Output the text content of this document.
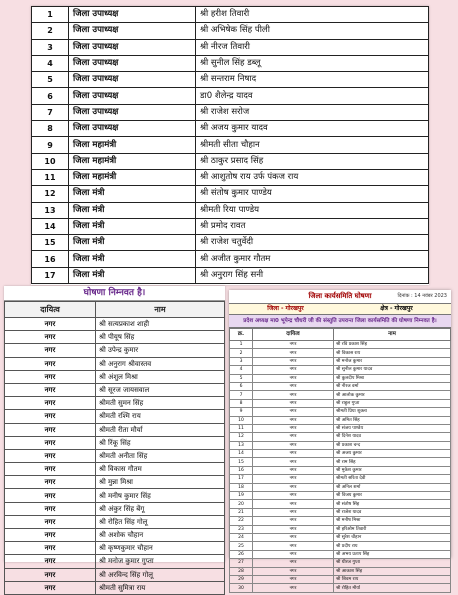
1	जिला उपाध्यक्ष	श्री हरीश तिवारी
2	जिला उपाध्यक्ष	श्री अभिषेक सिंह पीली
3	जिला उपाध्यक्ष	श्री नीरज तिवारी
4	जिला उपाध्यक्ष	श्री सुनील सिंह डब्लू
5	जिला उपाध्यक्ष	श्री सन्तराम निषाद
6	जिला उपाध्यक्ष	डा0 शैलेन्द्र यादव
7	जिला उपाध्यक्ष	श्री राजेश सरोज
8	जिला उपाध्यक्ष	श्री अजय कुमार यादव
9	जिला महामंत्री	श्रीमती सीता चौहान
10	जिला महामंत्री	श्री ठाकुर प्रसाद सिंह
11	जिला महामंत्री	श्री आशुतोष राय उर्फ पंकज राय
12	जिला मंत्री	श्री संतोष कुमार पाण्डेय
13	जिला मंत्री	श्रीमती रिया पाण्डेय
14	जिला मंत्री	श्री प्रमोद रावत
15	जिला मंत्री	श्री राजेश चतुर्वेदी
16	जिला मंत्री	श्री अजीत कुमार गौतम
17	जिला मंत्री	श्री अनुराग सिंह सनी
घोषणा निम्नवत है।
दायित्व	नाम
नगर	श्री सत्यप्रकाश शाही
नगर	श्री पीयूष सिंह
नगर	श्री उपेन्द्र कुमार
नगर	श्री अनुराग श्रीवास्तव
नगर	श्री अंशुल मिश्रा
नगर	श्री सूरज जायसवाल
नगर	श्रीमती सुमन सिंह
नगर	श्रीमती रश्मि राय
नगर	श्रीमती रीता मौर्या
नगर	श्री रिंकू सिंह
नगर	श्रीमती अनीता सिंह
नगर	श्री विकास गौतम
नगर	श्री मुन्ना मिश्रा
नगर	श्री मनीष कुमार सिंह
नगर	श्री अंकुर सिंह बेंगू
नगर	श्री रोहित सिंह गोलू
नगर	श्री अशोक चौहान
नगर	श्री कृष्णकुमार चौहान
नगर	श्री मनोज कुमार गुप्ता
नगर	श्री अरविन्द सिंह गोलू
नगर	श्रीमती सुमित्रा राय
जिला कार्यसमिति घोषणा	दिनांक : 14 नवंबर 2023
जिला - गोरखपुर	क्षेत्र - गोरखपुर
प्रदेश अध्यक्ष मा0 भूपेन्द्र चौधरी जी की संस्तुति उपरान्त जिला कार्यसमिति की घोषणा निम्नवत है।
क्र.	दायित्व	नाम
1	नगर	श्री रवि प्रकाश सिंह
2	नगर	श्री विकास राय
3	नगर	श्री मनोज कुमार
4	नगर	श्री सुनील कुमार यादव
5	नगर	श्री कुलदीप मिश्रा
6	नगर	श्री नीरज वर्मा
7	नगर	श्री आलोक कुमार
8	नगर	श्री राहुल गुप्ता
9	नगर	श्रीमती प्रिया शुक्ला
10	नगर	श्री अमित सिंह
11	नगर	श्री संजय पाण्डेय
12	नगर	श्री दिनेश यादव
13	नगर	श्री प्रकाश चन्द
14	नगर	श्री अजय कुमार
15	नगर	श्री राम सिंह
16	नगर	श्री मुकेश कुमार
17	नगर	श्रीमती सरिता देवी
18	नगर	श्री अनिल शर्मा
19	नगर	श्री विजय कुमार
20	नगर	श्री संतोष सिंह
21	नगर	श्री राजेश यादव
22	नगर	श्री मनीष मिश्रा
23	नगर	श्री हरिओम तिवारी
24	नगर	श्री सुरेश चौहान
25	नगर	श्री प्रदीप राय
26	नगर	श्री अभय प्रताप सिंह
27	नगर	श्री धीरज गुप्ता
28	नगर	श्री आकाश सिंह
29	नगर	श्री शिवम राय
30	नगर	श्री रोहित मौर्या
